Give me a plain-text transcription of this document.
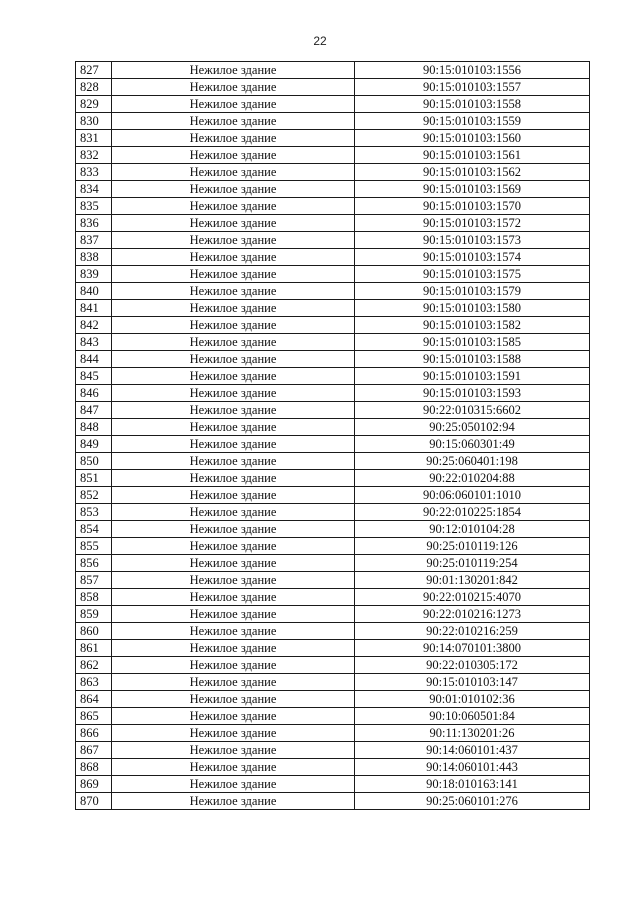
22
827	Нежилое здание	90:15:010103:1556
828	Нежилое здание	90:15:010103:1557
829	Нежилое здание	90:15:010103:1558
830	Нежилое здание	90:15:010103:1559
831	Нежилое здание	90:15:010103:1560
832	Нежилое здание	90:15:010103:1561
833	Нежилое здание	90:15:010103:1562
834	Нежилое здание	90:15:010103:1569
835	Нежилое здание	90:15:010103:1570
836	Нежилое здание	90:15:010103:1572
837	Нежилое здание	90:15:010103:1573
838	Нежилое здание	90:15:010103:1574
839	Нежилое здание	90:15:010103:1575
840	Нежилое здание	90:15:010103:1579
841	Нежилое здание	90:15:010103:1580
842	Нежилое здание	90:15:010103:1582
843	Нежилое здание	90:15:010103:1585
844	Нежилое здание	90:15:010103:1588
845	Нежилое здание	90:15:010103:1591
846	Нежилое здание	90:15:010103:1593
847	Нежилое здание	90:22:010315:6602
848	Нежилое здание	90:25:050102:94
849	Нежилое здание	90:15:060301:49
850	Нежилое здание	90:25:060401:198
851	Нежилое здание	90:22:010204:88
852	Нежилое здание	90:06:060101:1010
853	Нежилое здание	90:22:010225:1854
854	Нежилое здание	90:12:010104:28
855	Нежилое здание	90:25:010119:126
856	Нежилое здание	90:25:010119:254
857	Нежилое здание	90:01:130201:842
858	Нежилое здание	90:22:010215:4070
859	Нежилое здание	90:22:010216:1273
860	Нежилое здание	90:22:010216:259
861	Нежилое здание	90:14:070101:3800
862	Нежилое здание	90:22:010305:172
863	Нежилое здание	90:15:010103:147
864	Нежилое здание	90:01:010102:36
865	Нежилое здание	90:10:060501:84
866	Нежилое здание	90:11:130201:26
867	Нежилое здание	90:14:060101:437
868	Нежилое здание	90:14:060101:443
869	Нежилое здание	90:18:010163:141
870	Нежилое здание	90:25:060101:276
